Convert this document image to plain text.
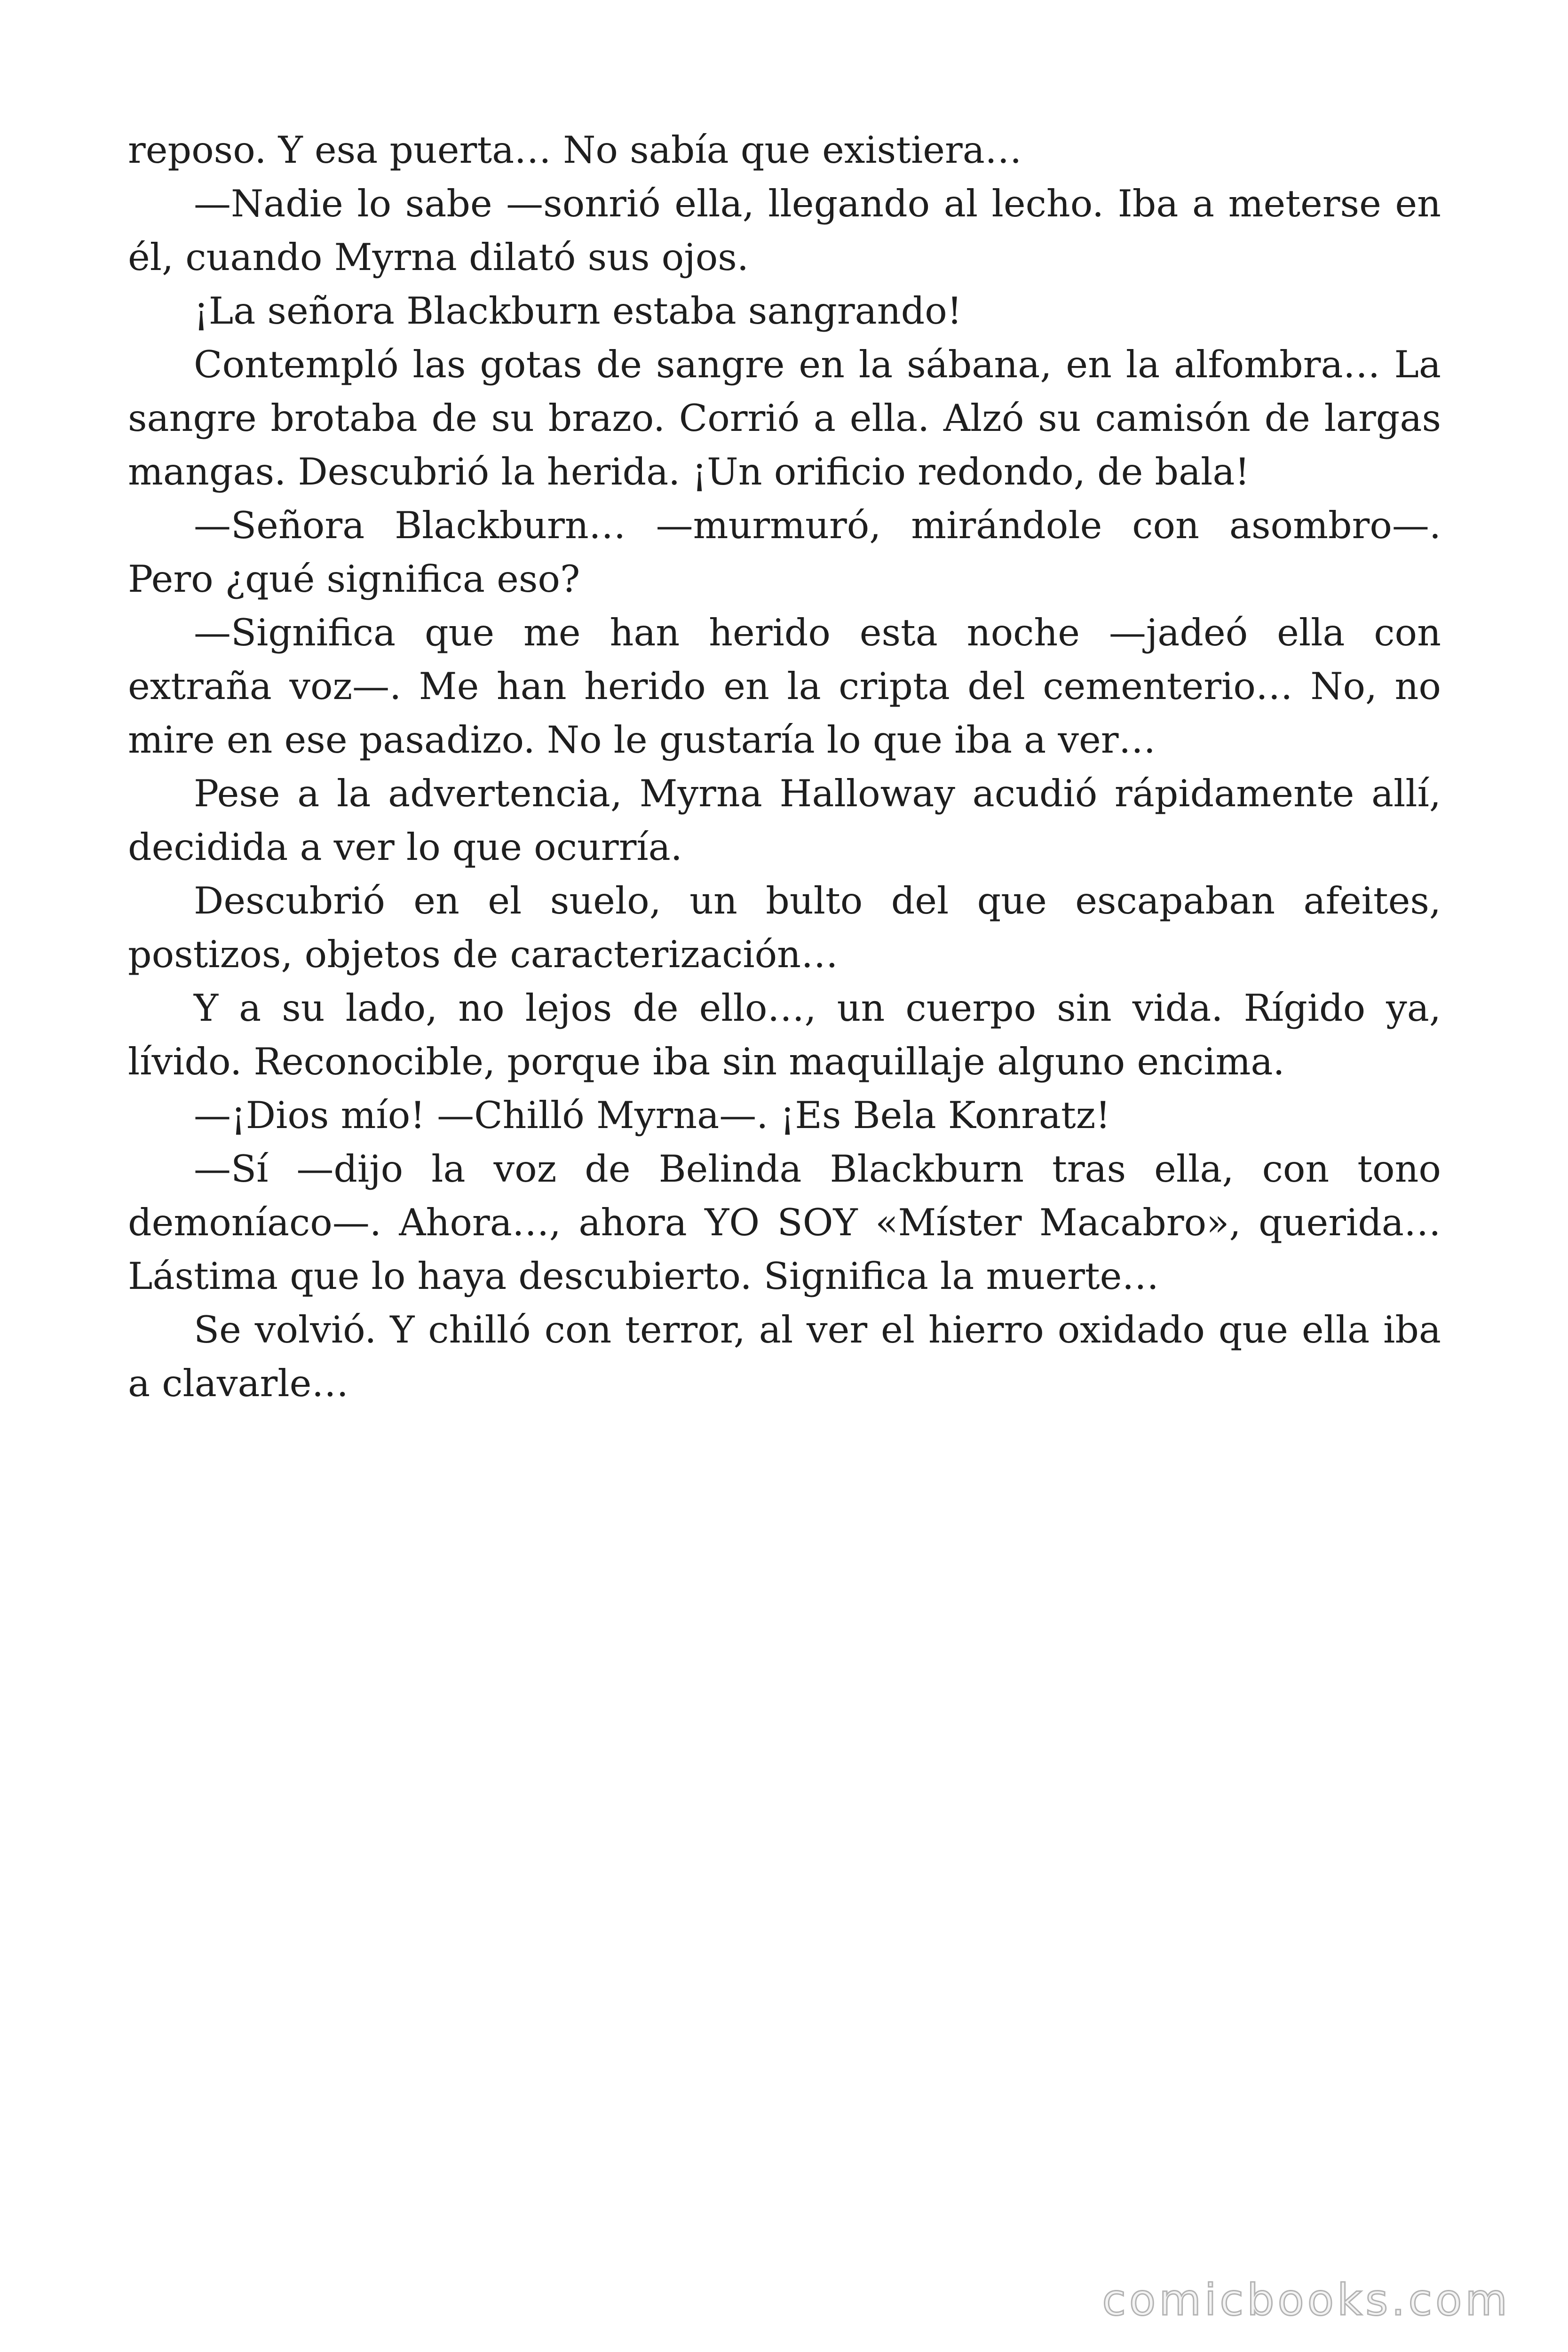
reposo. Y esa puerta… No sabía que existiera…

—Nadie lo sabe —sonrió ella, llegando al lecho. Iba a meterse en él, cuando Myrna dilató sus ojos.

¡La señora Blackburn estaba sangrando!

Contempló las gotas de sangre en la sábana, en la alfombra… La sangre brotaba de su brazo. Corrió a ella. Alzó su camisón de largas mangas. Descubrió la herida. ¡Un orificio redondo, de bala!

—Señora Blackburn… —murmuró, mirándole con asombro—. Pero ¿qué significa eso?

—Significa que me han herido esta noche —jadeó ella con extraña voz—. Me han herido en la cripta del cementerio… No, no mire en ese pasadizo. No le gustaría lo que iba a ver…

Pese a la advertencia, Myrna Halloway acudió rápidamente allí, decidida a ver lo que ocurría.

Descubrió en el suelo, un bulto del que escapaban afeites, postizos, objetos de caracterización…

Y a su lado, no lejos de ello…, un cuerpo sin vida. Rígido ya, lívido. Reconocible, porque iba sin maquillaje alguno encima.

—¡Dios mío! —Chilló Myrna—. ¡Es Bela Konratz!

—Sí —dijo la voz de Belinda Blackburn tras ella, con tono demoníaco—. Ahora…, ahora YO SOY «Míster Macabro», querida… Lástima que lo haya descubierto. Significa la muerte…

Se volvió. Y chilló con terror, al ver el hierro oxidado que ella iba a clavarle…

comicbooks.com
